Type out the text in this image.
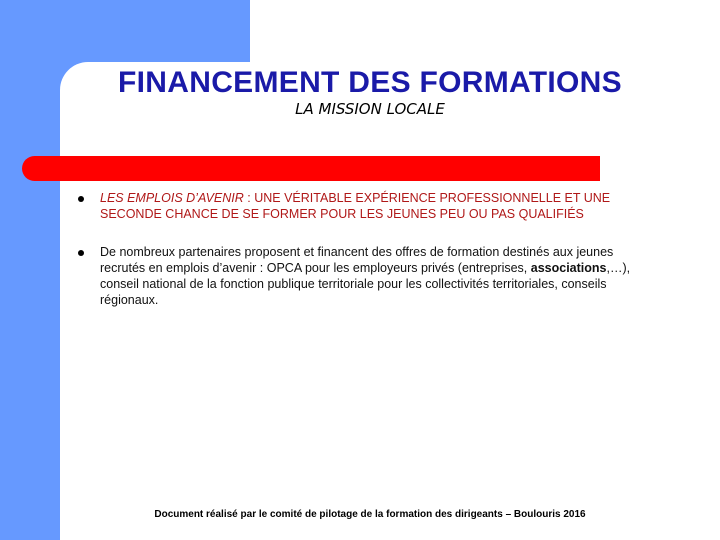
FINANCEMENT DES FORMATIONS

LA MISSION LOCALE

LES EMPLOIS D’AVENIR : UNE VÉRITABLE EXPÉRIENCE PROFESSIONNELLE ET UNE SECONDE CHANCE DE SE FORMER POUR LES JEUNES PEU OU PAS QUALIFIÉS
De nombreux partenaires proposent et financent des offres de formation destinés aux jeunes recrutés en emplois d’avenir : OPCA pour les employeurs privés (entreprises, associations,…), conseil national de la fonction publique territoriale pour les collectivités territoriales, conseils régionaux.

Document réalisé par le comité de pilotage de la formation des dirigeants – Boulouris 2016
